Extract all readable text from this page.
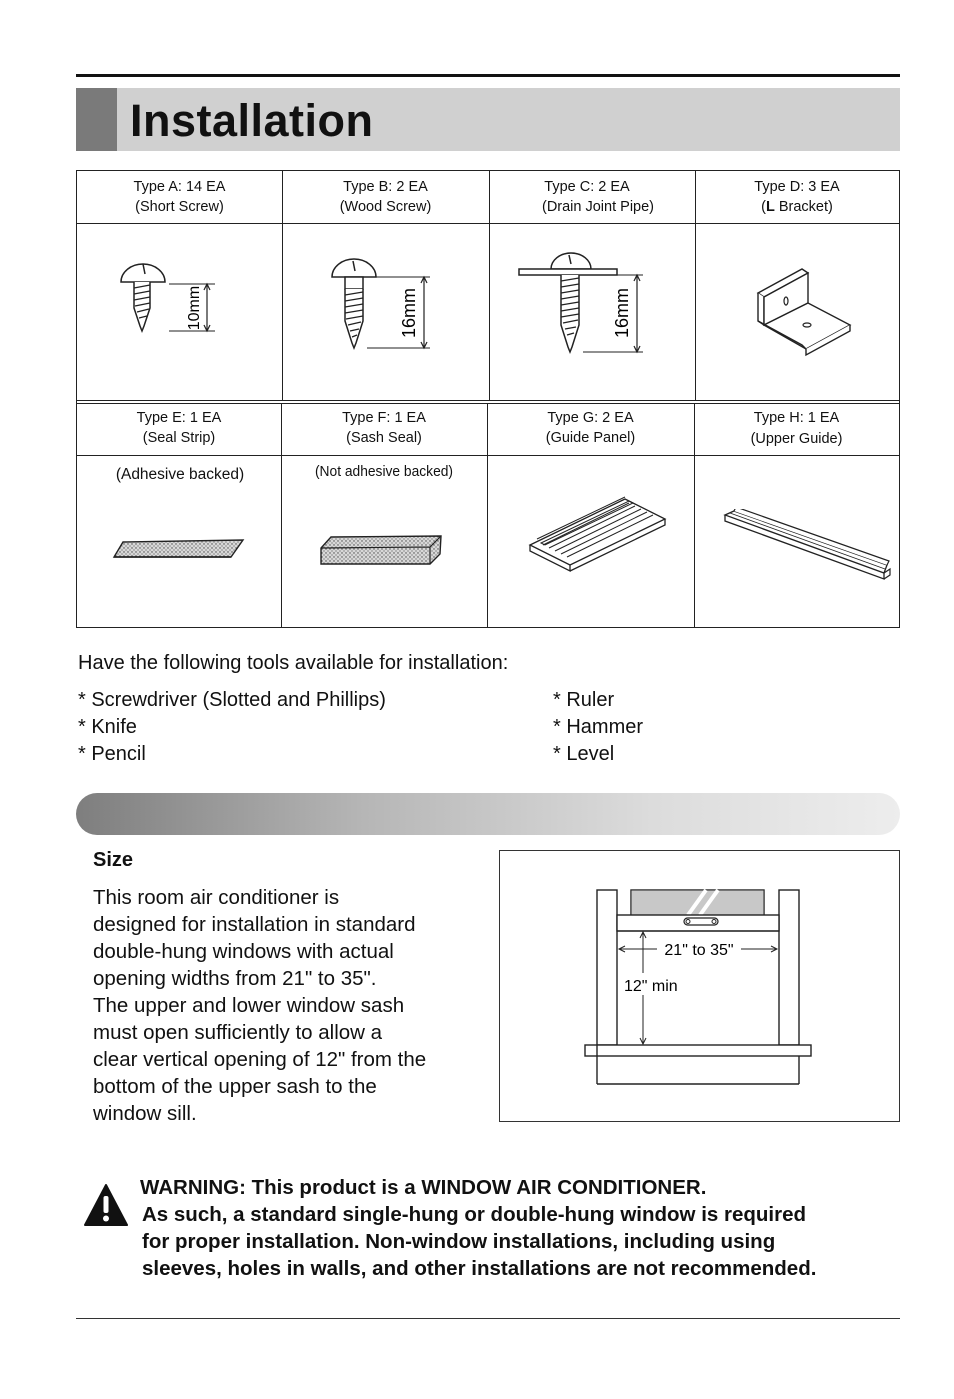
Installation
Type A: 14 EA
(Short Screw)
Type B: 2 EA
(Wood Screw)
Type C: 2 EA
(Drain Joint Pipe)
Type D: 3 EA
(L Bracket)
10mm	16mm	16mm
Type E: 1 EA
(Seal Strip)
Type F: 1 EA
(Sash Seal)
Type G: 2 EA
(Guide Panel)
Type H: 1 EA
(Upper Guide)
(Adhesive backed)	(Not adhesive backed)
Have the following tools available for installation:
* Screwdriver (Slotted and Phillips)
* Knife
* Pencil
* Ruler
* Hammer
* Level
Size
This room air conditioner is
designed for installation in standard
double-hung windows with actual
opening widths from 21" to 35".
The upper and lower window sash
must open sufficiently to allow a
clear vertical opening of 12" from the
bottom of the upper sash to the
window sill.
21" to 35"
12" min
WARNING: This product is a WINDOW AIR CONDITIONER.
As such, a standard single-hung or double-hung window is required
for proper installation. Non-window installations, including using
sleeves, holes in walls, and other installations are not recommended.
